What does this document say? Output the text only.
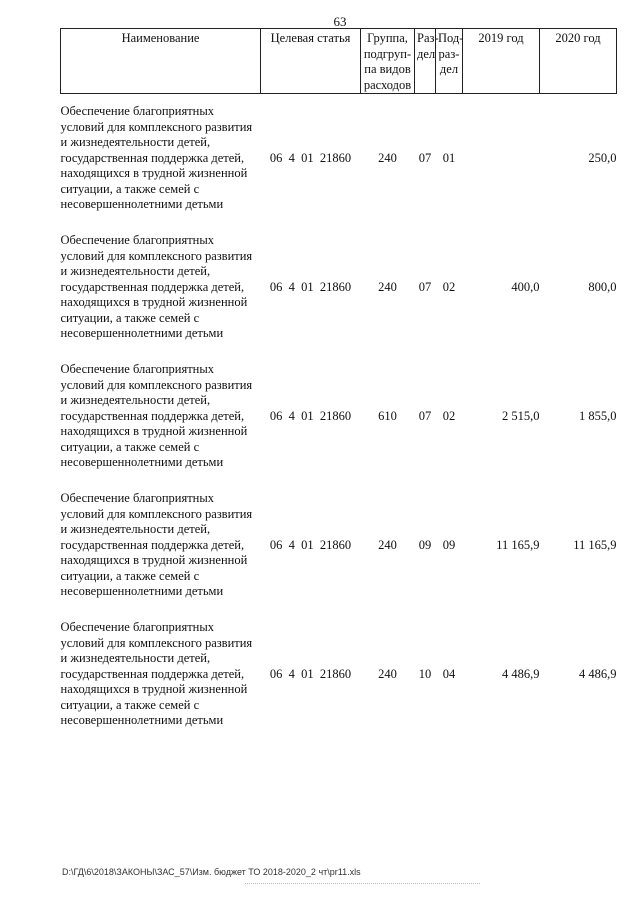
63
Наименование	Целевая статья	Группа, подгруп-па видов расходов	Раз-дел	Под-раз-дел	2019 год	2020 год
Обеспечение благоприятных условий для комплексного развития и жизнедеятельности детей, государственная поддержка детей, находящихся в трудной жизненной ситуации, а также семей с несовершеннолетними детьми	06  4  01  21860	240	07	01		250,0
Обеспечение благоприятных условий для комплексного развития и жизнедеятельности детей, государственная поддержка детей, находящихся в трудной жизненной ситуации, а также семей с несовершеннолетними детьми	06  4  01  21860	240	07	02	400,0	800,0
Обеспечение благоприятных условий для комплексного развития и жизнедеятельности детей, государственная поддержка детей, находящихся в трудной жизненной ситуации, а также семей с несовершеннолетними детьми	06  4  01  21860	610	07	02	2 515,0	1 855,0
Обеспечение благоприятных условий для комплексного развития и жизнедеятельности детей, государственная поддержка детей, находящихся в трудной жизненной ситуации, а также семей с несовершеннолетними детьми	06  4  01  21860	240	09	09	11 165,9	11 165,9
Обеспечение благоприятных условий для комплексного развития и жизнедеятельности детей, государственная поддержка детей, находящихся в трудной жизненной ситуации, а также семей с несовершеннолетними детьми	06  4  01  21860	240	10	04	4 486,9	4 486,9
D:\ГД\6\2018\ЗАКОНЫ\ЗАС_57\Изм. бюджет ТО 2018-2020_2 чт\pr11.xls
